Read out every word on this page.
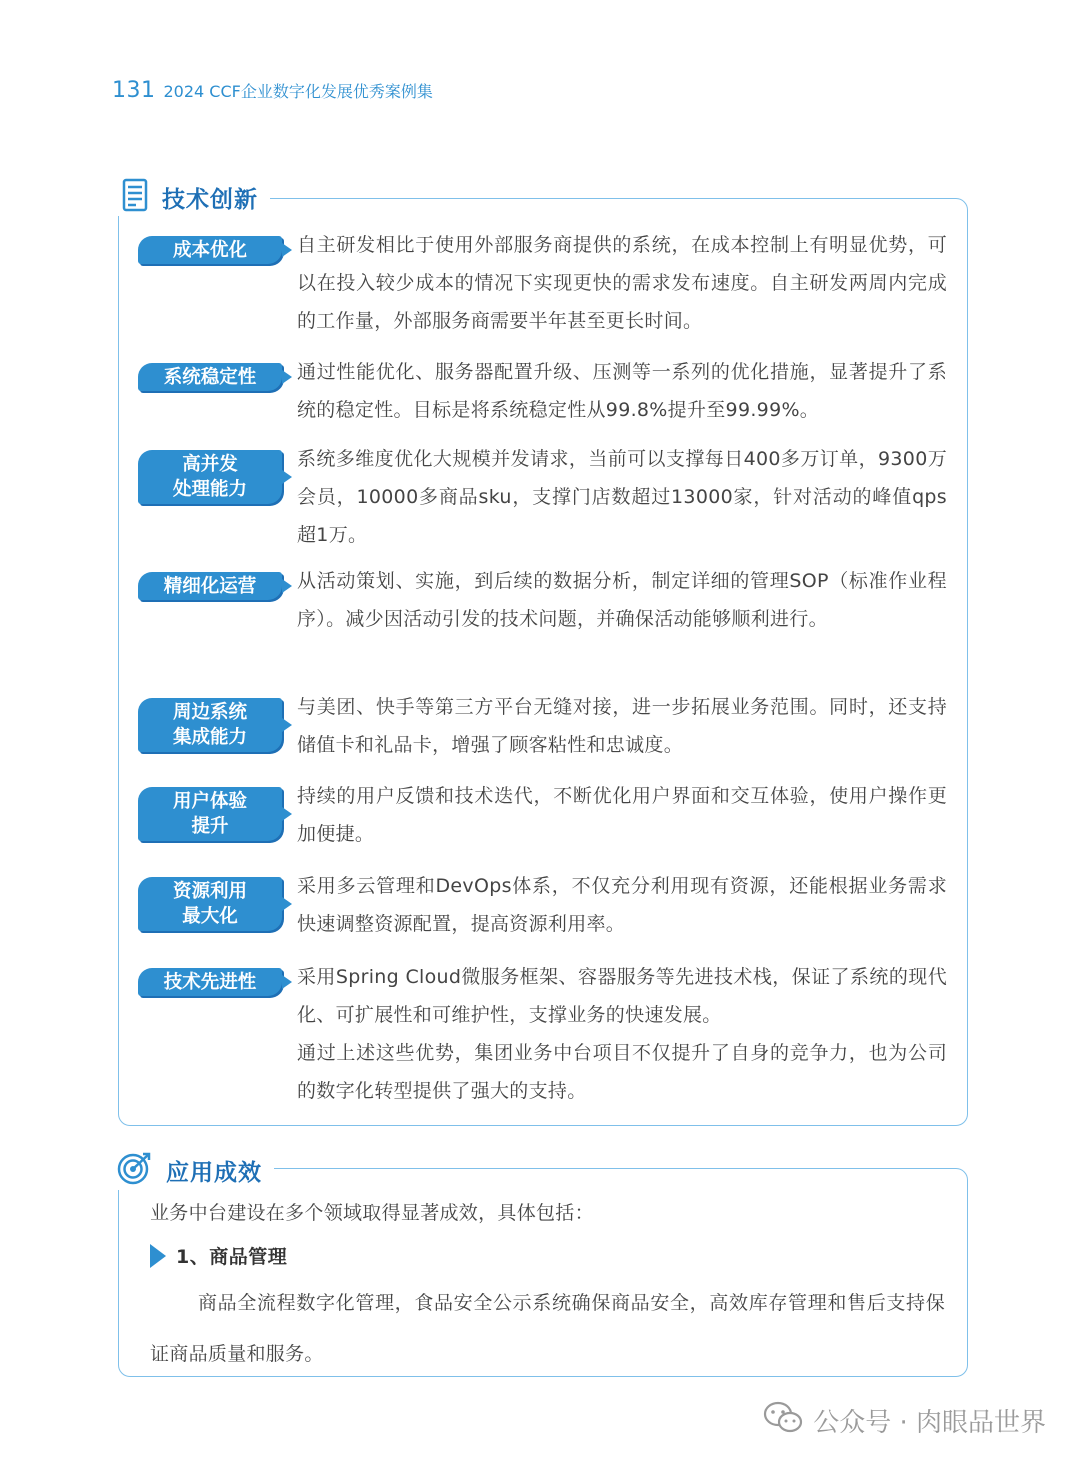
131 2024 CCF企业数字化发展优秀案例集
技术创新
成本优化	自主研发相比于使用外部服务商提供的系统，在成本控制上有明显优势，可以在投入较少成本的情况下实现更快的需求发布速度。自主研发两周内完成的工作量，外部服务商需要半年甚至更长时间。

系统稳定性 通过性能优化、服务器配置升级、压测等一系列的优化措施，显著提升了系统的稳定性。目标是将系统稳定性从99.8%提升至99.99%。

高并发
处理能力

系统多维度优化大规模并发请求，当前可以支撑每日400多万订单，9300万会员，10000多商品sku，支撑门店数超过13000家，针对活动的峰值qps超1万。

精细化运营 从活动策划、实施，到后续的数据分析，制定详细的管理SOP（标准作业程序）。减少因活动引发的技术问题，并确保活动能够顺利进行。

周边系统
集成能力

与美团、快手等第三方平台无缝对接，进一步拓展业务范围。同时，还支持储值卡和礼品卡，增强了顾客粘性和忠诚度。

用户体验
提升

持续的用户反馈和技术迭代，不断优化用户界面和交互体验，使用户操作更加便捷。

资源利用
最大化

采用多云管理和DevOps体系，不仅充分利用现有资源，还能根据业务需求快速调整资源配置，提高资源利用率。

技术先进性 采用Spring Cloud微服务框架、容器服务等先进技术栈，保证了系统的现代化、可扩展性和可维护性，支撑业务的快速发展。
通过上述这些优势，集团业务中台项目不仅提升了自身的竞争力，也为公司的数字化转型提供了强大的支持。

应用成效
业务中台建设在多个领域取得显著成效，具体包括：
1、商品管理

商品全流程数字化管理，食品安全公示系统确保商品安全，高效库存管理和售后支持保证商品质量和服务。

公众号 · 肉眼品世界
